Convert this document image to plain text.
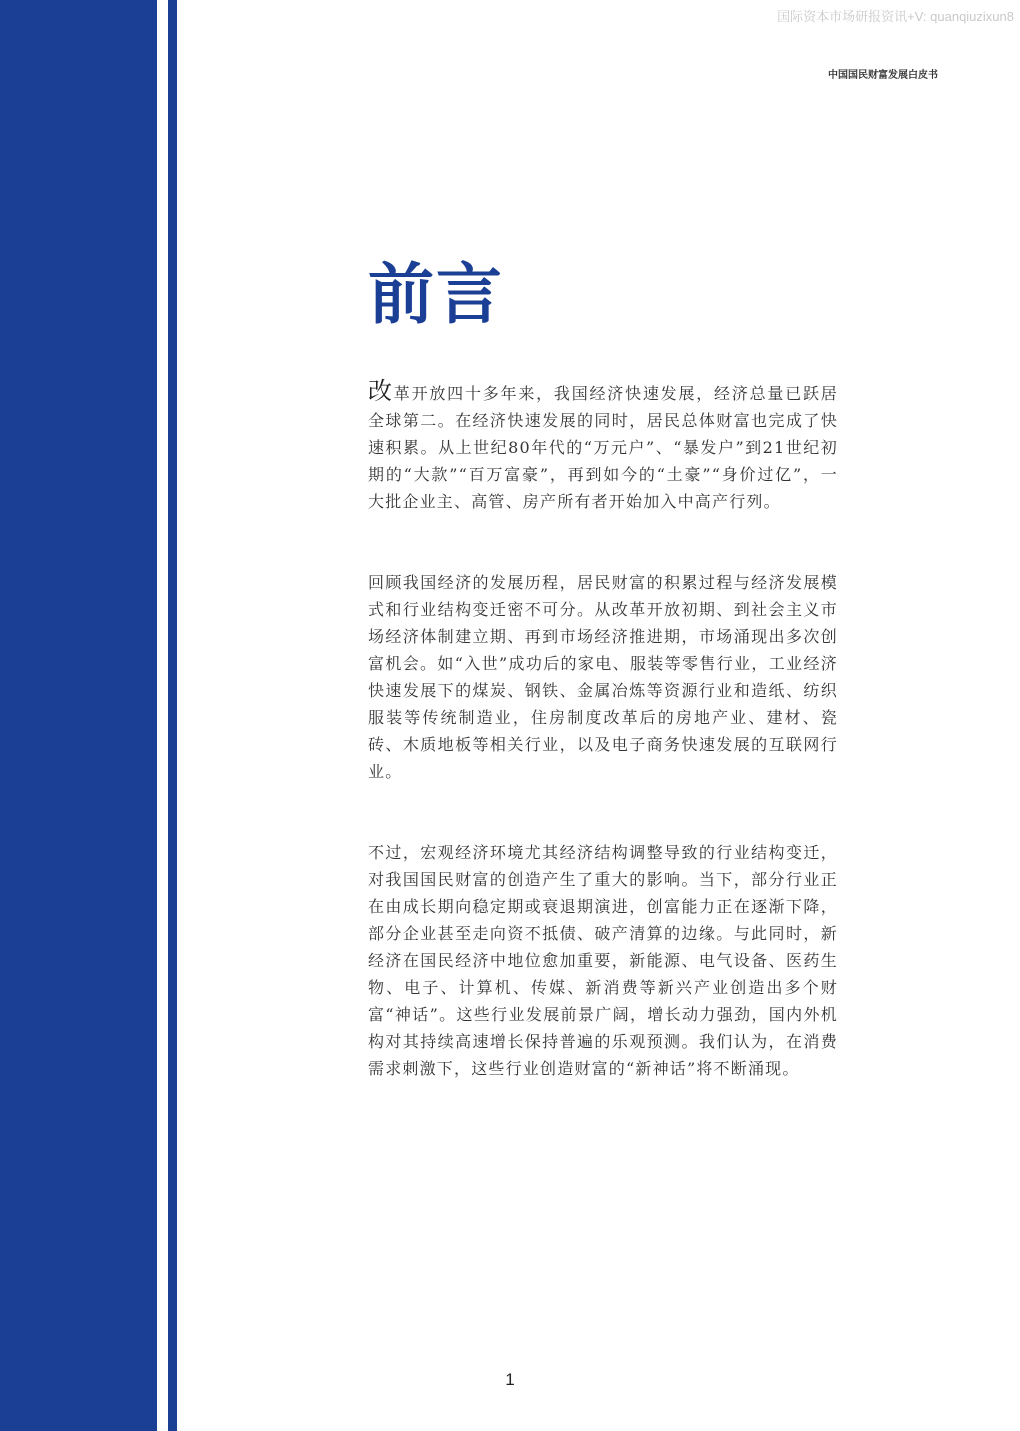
国际资本市场研报资讯+V: quanqiuzixun8
中国国民财富发展白皮书
前言

改革开放四十多年来，我国经济快速发展，经济总量已跃居全球第二。在经济快速发展的同时，居民总体财富也完成了快速积累。从上世纪80年代的“万元户”、“暴发户”到21世纪初期的“大款”“百万富豪”，再到如今的“土豪”“身价过亿”，一大批企业主、高管、房产所有者开始加入中高产行列。

回顾我国经济的发展历程，居民财富的积累过程与经济发展模式和行业结构变迁密不可分。从改革开放初期、到社会主义市场经济体制建立期、再到市场经济推进期，市场涌现出多次创富机会。如“入世”成功后的家电、服装等零售行业，工业经济快速发展下的煤炭、钢铁、金属冶炼等资源行业和造纸、纺织服装等传统制造业，住房制度改革后的房地产业、建材、瓷砖、木质地板等相关行业，以及电子商务快速发展的互联网行业。

不过，宏观经济环境尤其经济结构调整导致的行业结构变迁，对我国国民财富的创造产生了重大的影响。当下，部分行业正在由成长期向稳定期或衰退期演进，创富能力正在逐渐下降，部分企业甚至走向资不抵债、破产清算的边缘。与此同时，新经济在国民经济中地位愈加重要，新能源、电气设备、医药生物、电子、计算机、传媒、新消费等新兴产业创造出多个财富“神话”。这些行业发展前景广阔，增长动力强劲，国内外机构对其持续高速增长保持普遍的乐观预测。我们认为，在消费需求刺激下，这些行业创造财富的“新神话”将不断涌现。

1
